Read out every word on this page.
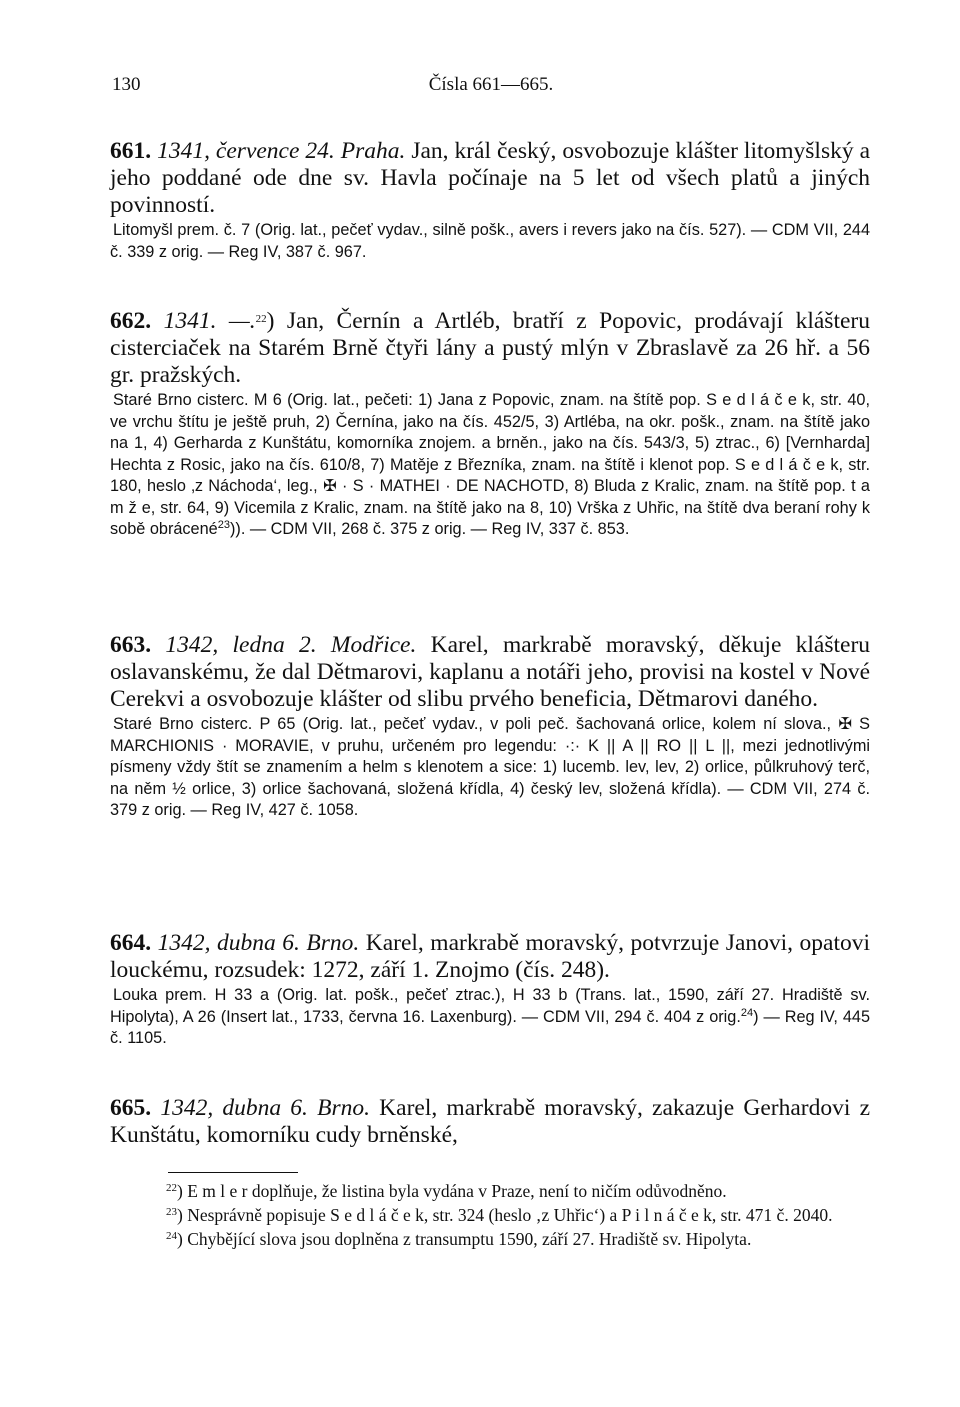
130	Čísla 661—665.
661. 1341, července 24. Praha. Jan, král český, osvobozuje klášter litomyšlský a jeho poddané ode dne sv. Havla počínaje na 5 let od všech platů a jiných povinností.

Litomyšl prem. č. 7 (Orig. lat., pečeť vydav., silně pošk., avers i revers jako na čís. 527). — CDM VII, 244 č. 339 z orig. — Reg IV, 387 č. 967.

662. 1341. —.$^{22}$) Jan, Černín a Artléb, bratří z Popovic, prodávají klášteru cisterciaček na Starém Brně čtyři lány a pustý mlýn v Zbraslavě za 26 hř. a 56 gr. pražských.

Staré Brno cisterc. M 6 (Orig. lat., pečeti: 1) Jana z Popovic, znam. na štítě pop. S e d l á č e k, str. 40, ve vrchu štítu je ještě pruh, 2) Černína, jako na čís. 452/5, 3) Artléba, na okr. pošk., znam. na štítě jako na 1, 4) Gerharda z Kunštátu, komorníka znojem. a brněn., jako na čís. 543/3, 5) ztrac., 6) [Vernharda] Hechta z Rosic, jako na čís. 610/8, 7) Matěje z Březníka, znam. na štítě i klenot pop. S e d l á č e k, str. 180, heslo ‚z Náchoda‘, leg., ✠ · S · MATHEI · DE NACHOTD, 8) Bluda z Kralic, znam. na štítě pop. t a m ž e, str. 64, 9) Vicemila z Kralic, znam. na štítě jako na 8, 10) Vrška z Uhřic, na štítě dva beraní rohy k sobě obrácené$^{23}$)). — CDM VII, 268 č. 375 z orig. — Reg IV, 337 č. 853.

663. 1342, ledna 2. Modřice. Karel, markrabě moravský, děkuje klášteru oslavanskému, že dal Dětmarovi, kaplanu a notáři jeho, provisi na kostel v Nové Cerekvi a osvobozuje klášter od slibu prvého beneficia, Dětmarovi daného.

Staré Brno cisterc. P 65 (Orig. lat., pečeť vydav., v poli peč. šachovaná orlice, kolem ní slova., ✠ S MARCHIONIS · MORAVIE, v pruhu, určeném pro legendu: ·:· K || A || RO || L ||, mezi jednotlivými písmeny vždy štít se znamením a helm s klenotem a sice: 1) lucemb. lev, lev, 2) orlice, půlkruhový terč, na něm ½ orlice, 3) orlice šachovaná, složená křídla, 4) český lev, složená křídla). — CDM VII, 274 č. 379 z orig. — Reg IV, 427 č. 1058.

664. 1342, dubna 6. Brno. Karel, markrabě moravský, potvrzuje Janovi, opatovi louckému, rozsudek: 1272, září 1. Znojmo (čís. 248).

Louka prem. H 33 a (Orig. lat. pošk., pečeť ztrac.), H 33 b (Trans. lat., 1590, září 27. Hradiště sv. Hipolyta), A 26 (Insert lat., 1733, června 16. Laxenburg). — CDM VII, 294 č. 404 z orig.$^{24}$) — Reg IV, 445 č. 1105.

665. 1342, dubna 6. Brno. Karel, markrabě moravský, zakazuje Gerhardovi z Kunštátu, komorníku cudy brněnské,

$^{22}$) E m l e r doplňuje, že listina byla vydána v Praze, není to ničím odůvodněno.

$^{23}$) Nesprávně popisuje S e d l á č e k, str. 324 (heslo ‚z Uhřic‘) a P i l n á č e k, str. 471 č. 2040.

$^{24}$) Chybějící slova jsou doplněna z transumptu 1590, září 27. Hradiště sv. Hipolyta.
